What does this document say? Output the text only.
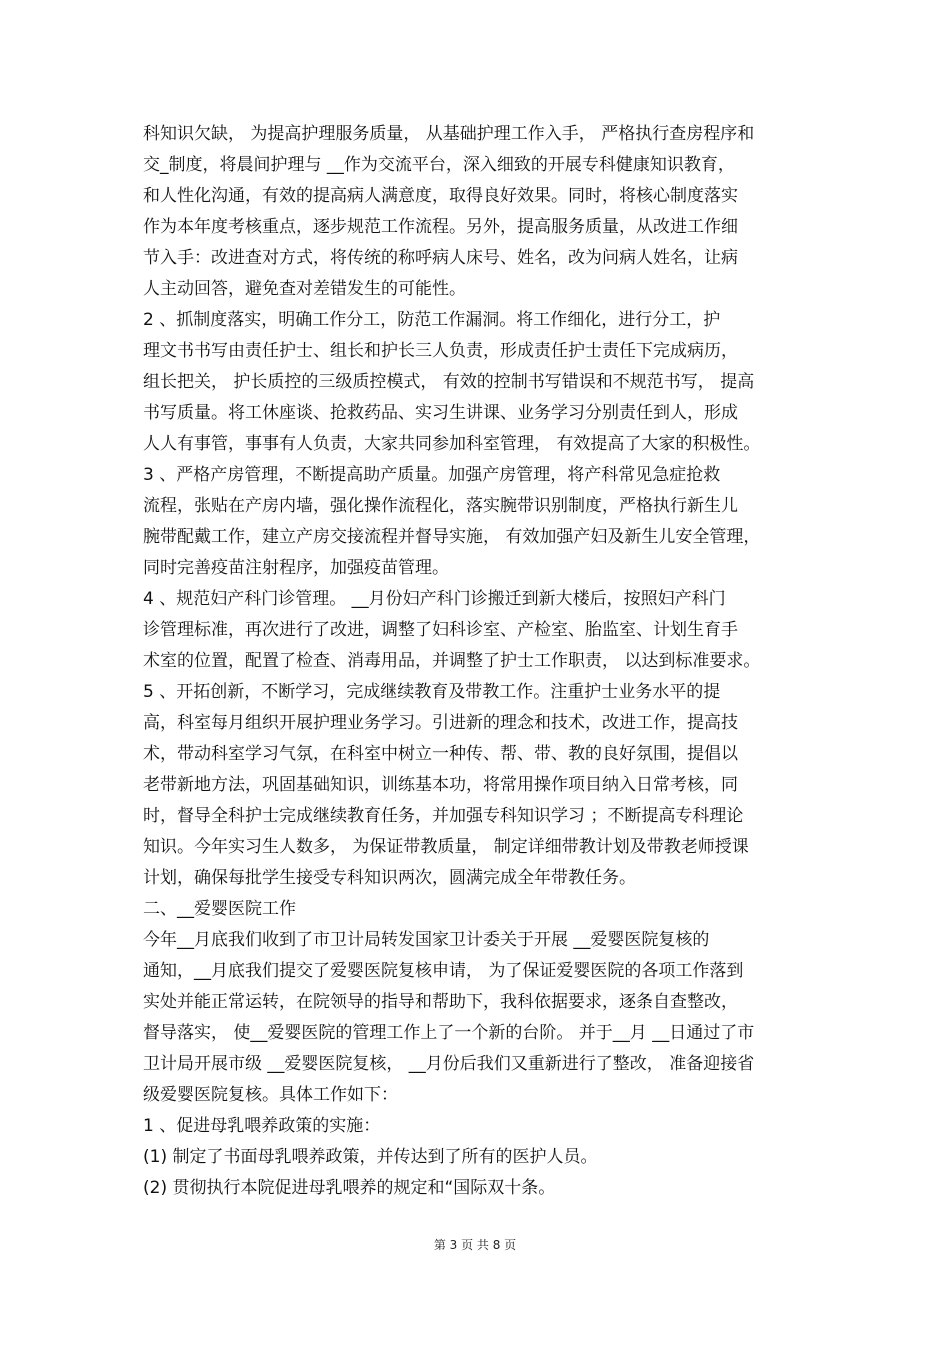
科知识欠缺， 为提高护理服务质量， 从基础护理工作入手， 严格执行查房程序和
交_制度，将晨间护理与 __作为交流平台，深入细致的开展专科健康知识教育，
和人性化沟通，有效的提高病人满意度，取得良好效果。同时，将核心制度落实
作为本年度考核重点，逐步规范工作流程。另外，提高服务质量，从改进工作细
节入手：改进查对方式，将传统的称呼病人床号、姓名，改为问病人姓名，让病
人主动回答，避免查对差错发生的可能性。
2 、抓制度落实，明确工作分工，防范工作漏洞。将工作细化，进行分工，护
理文书书写由责任护士、组长和护长三人负责，形成责任护士责任下完成病历，
组长把关， 护长质控的三级质控模式， 有效的控制书写错误和不规范书写， 提高
书写质量。将工休座谈、抢救药品、实习生讲课、业务学习分别责任到人，形成
人人有事管，事事有人负责，大家共同参加科室管理， 有效提高了大家的积极性。
3 、严格产房管理，不断提高助产质量。加强产房管理，将产科常见急症抢救
流程，张贴在产房内墙，强化操作流程化，落实腕带识别制度，严格执行新生儿
腕带配戴工作，建立产房交接流程并督导实施， 有效加强产妇及新生儿安全管理，
同时完善疫苗注射程序，加强疫苗管理。
4 、规范妇产科门诊管理。 __月份妇产科门诊搬迁到新大楼后，按照妇产科门
诊管理标准，再次进行了改进，调整了妇科诊室、产检室、胎监室、计划生育手
术室的位置，配置了检查、消毒用品，并调整了护士工作职责， 以达到标准要求。
5 、开拓创新，不断学习，完成继续教育及带教工作。注重护士业务水平的提
高，科室每月组织开展护理业务学习。引进新的理念和技术，改进工作，提高技
术，带动科室学习气氛，在科室中树立一种传、帮、带、教的良好氛围，提倡以
老带新地方法，巩固基础知识，训练基本功，将常用操作项目纳入日常考核，同
时，督导全科护士完成继续教育任务，并加强专科知识学习 ；不断提高专科理论
知识。今年实习生人数多， 为保证带教质量， 制定详细带教计划及带教老师授课
计划，确保每批学生接受专科知识两次，圆满完成全年带教任务。
二、__爱婴医院工作
今年__月底我们收到了市卫计局转发国家卫计委关于开展 __爱婴医院复核的
通知，__月底我们提交了爱婴医院复核申请， 为了保证爱婴医院的各项工作落到
实处并能正常运转，在院领导的指导和帮助下，我科依据要求，逐条自查整改，
督导落实， 使__爱婴医院的管理工作上了一个新的台阶。 并于__月 __日通过了市
卫计局开展市级 __爱婴医院复核， __月份后我们又重新进行了整改， 准备迎接省
级爱婴医院复核。具体工作如下：
1 、促进母乳喂养政策的实施：
(1) 制定了书面母乳喂养政策，并传达到了所有的医护人员。
(2) 贯彻执行本院促进母乳喂养的规定和“国际双十条。
第 3 页 共 8 页
